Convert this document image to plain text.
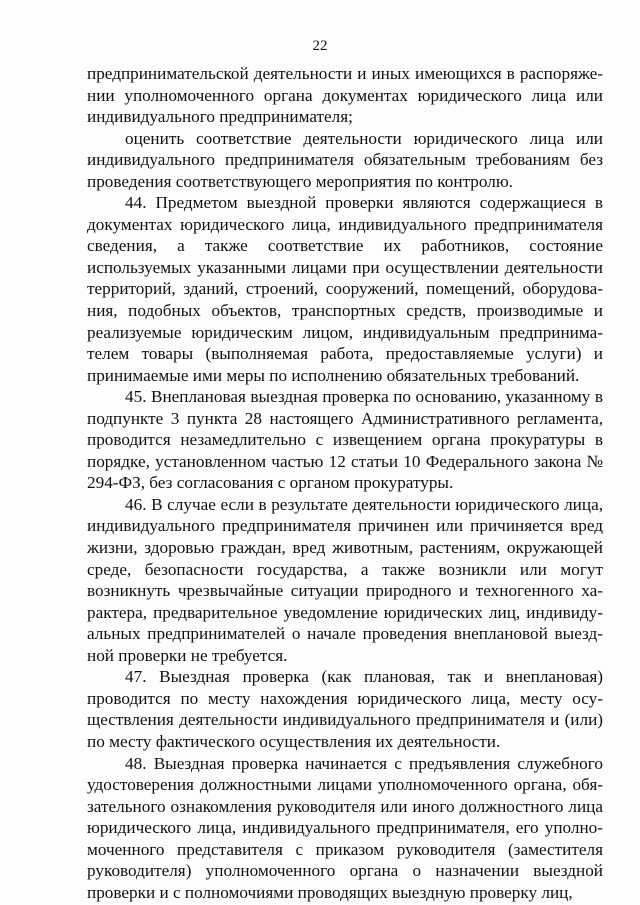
22

предпринимательской деятельности и иных имеющихся в распоряжении уполномоченного органа документах юридического лица или индивидуального предпринимателя;

оценить соответствие деятельности юридического лица или индивидуального предпринимателя обязательным требованиям без проведения соответствующего мероприятия по контролю.

44. Предметом выездной проверки являются содержащиеся в документах юридического лица, индивидуального предпринимателя сведения, а также соответствие их работников, состояние используемых указанными лицами при осуществлении деятельности территорий, зданий, строений, сооружений, помещений, оборудования, подобных объектов, транспортных средств, производимые и реализуемые юридическим лицом, индивидуальным предпринимателем товары (выполняемая работа, предоставляемые услуги) и принимаемые ими меры по исполнению обязательных требований.

45. Внеплановая выездная проверка по основанию, указанному в подпункте 3 пункта 28 настоящего Административного регламента, проводится незамедлительно с извещением органа прокуратуры в порядке, установленном частью 12 статьи 10 Федерального закона № 294-ФЗ, без согласования с органом прокуратуры.

46. В случае если в результате деятельности юридического лица, индивидуального предпринимателя причинен или причиняется вред жизни, здоровью граждан, вред животным, растениям, окружающей среде, безопасности государства, а также возникли или могут возникнуть чрезвычайные ситуации природного и техногенного характера, предварительное уведомление юридических лиц, индивидуальных предпринимателей о начале проведения внеплановой выездной проверки не требуется.

47. Выездная проверка (как плановая, так и внеплановая) проводится по месту нахождения юридического лица, месту осуществления деятельности индивидуального предпринимателя и (или) по месту фактического осуществления их деятельности.

48. Выездная проверка начинается с предъявления служебного удостоверения должностными лицами уполномоченного органа, обязательного ознакомления руководителя или иного должностного лица юридического лица, индивидуального предпринимателя, его уполномоченного представителя с приказом руководителя (заместителя руководителя) уполномоченного органа о назначении выездной проверки и с полномочиями проводящих выездную проверку лиц,
